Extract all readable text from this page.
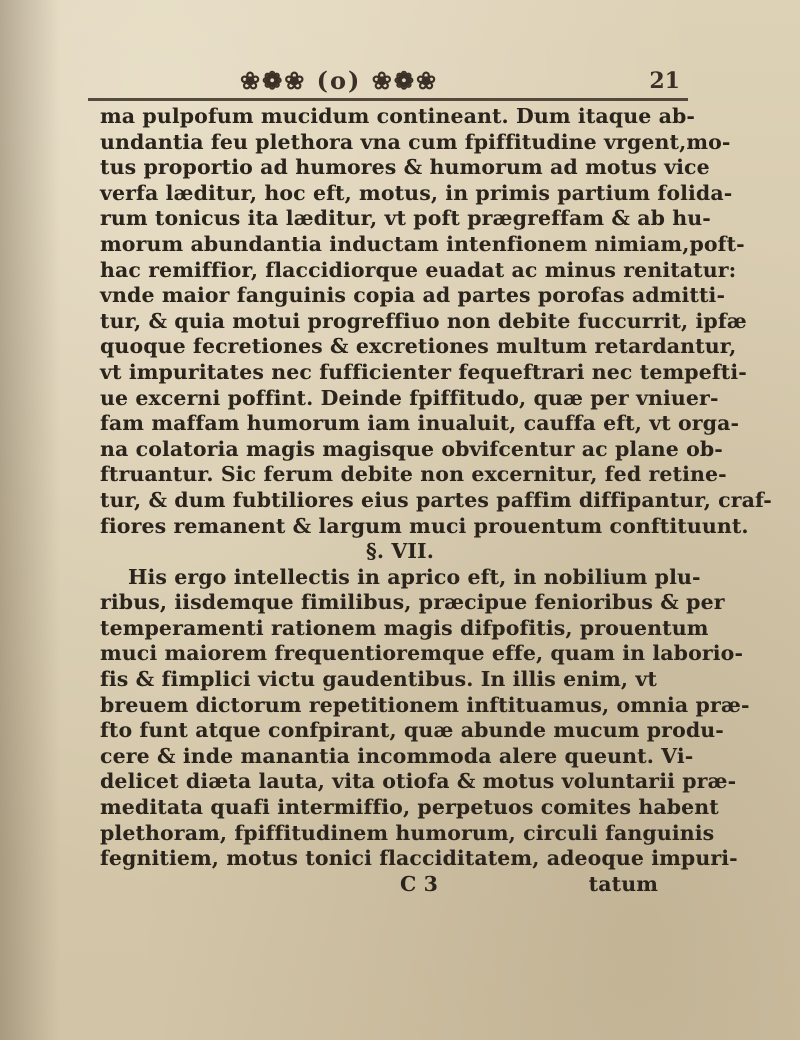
❀❁❀ (o) ❀❁❀	21
ma pulpofum mucidum contineant. Dum itaque ab-
undantia feu plethora vna cum fpiffitudine vrgent,mo-
tus proportio ad humores & humorum ad motus vice
verfa læditur, hoc eft, motus, in primis partium folida-
rum tonicus ita læditur, vt poft prægreffam & ab hu-
morum abundantia inductam intenfionem nimiam,poft-
hac remiffior, flaccidiorque euadat ac minus renitatur:
vnde maior fanguinis copia ad partes porofas admitti-
tur, & quia motui progreffiuo non debite fuccurrit, ipfæ
quoque fecretiones & excretiones multum retardantur,
vt impuritates nec fufficienter fequeftrari nec tempefti-
ue excerni poffint. Deinde fpiffitudo, quæ per vniuer-
fam maffam humorum iam inualuit, cauffa eft, vt orga-
na colatoria magis magisque obvifcentur ac plane ob-
ftruantur. Sic ferum debite non excernitur, fed retine-
tur, & dum fubtiliores eius partes paffim diffipantur, craf-
fiores remanent & largum muci prouentum conftituunt.
§. VII.
His ergo intellectis in aprico eft, in nobilium plu-
ribus, iisdemque fimilibus, præcipue fenioribus & per
temperamenti rationem magis difpofitis, prouentum
muci maiorem frequentioremque effe, quam in laborio-
fis & fimplici victu gaudentibus. In illis enim, vt
breuem dictorum repetitionem inftituamus, omnia præ-
fto funt atque confpirant, quæ abunde mucum produ-
cere & inde manantia incommoda alere queunt. Vi-
delicet diæta lauta, vita otiofa & motus voluntarii præ-
meditata quafi intermiffio, perpetuos comites habent
plethoram, fpiffitudinem humorum, circuli fanguinis
fegnitiem, motus tonici flacciditatem, adeoque impuri-
C 3	tatum
